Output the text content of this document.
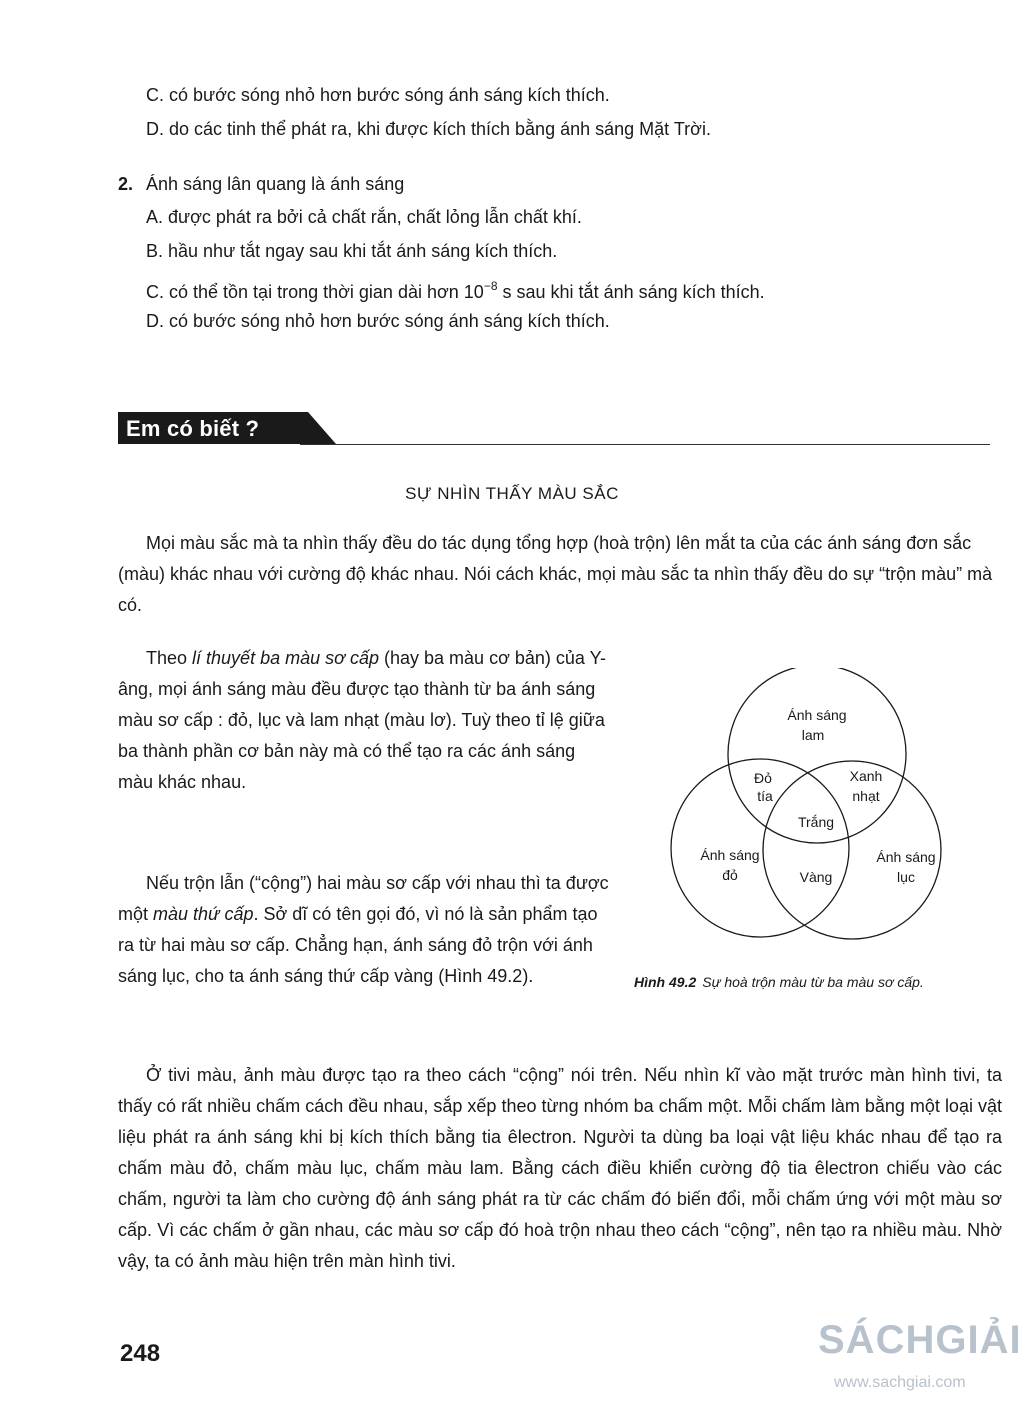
C. có bước sóng nhỏ hơn bước sóng ánh sáng kích thích.
D. do các tinh thể phát ra, khi được kích thích bằng ánh sáng Mặt Trời.
2. Ánh sáng lân quang là ánh sáng
A. được phát ra bởi cả chất rắn, chất lỏng lẫn chất khí.
B. hầu như tắt ngay sau khi tắt ánh sáng kích thích.
C. có thể tồn tại trong thời gian dài hơn $10^{-8}$ s sau khi tắt ánh sáng kích thích.
D. có bước sóng nhỏ hơn bước sóng ánh sáng kích thích.
Em có biết ?
SỰ NHÌN THẤY MÀU SẮC
Mọi màu sắc mà ta nhìn thấy đều do tác dụng tổng hợp (hoà trộn) lên mắt ta của các ánh sáng đơn sắc (màu) khác nhau với cường độ khác nhau. Nói cách khác, mọi màu sắc ta nhìn thấy đều do sự “trộn màu” mà có.
Theo lí thuyết ba màu sơ cấp (hay ba màu cơ bản) của Y-âng, mọi ánh sáng màu đều được tạo thành từ ba ánh sáng màu sơ cấp : đỏ, lục và lam nhạt (màu lơ). Tuỳ theo tỉ lệ giữa ba thành phần cơ bản này mà có thể tạo ra các ánh sáng màu khác nhau.
Nếu trộn lẫn (“cộng”) hai màu sơ cấp với nhau thì ta được một màu thứ cấp. Sở dĩ có tên gọi đó, vì nó là sản phẩm tạo ra từ hai màu sơ cấp. Chẳng hạn, ánh sáng đỏ trộn với ánh sáng lục, cho ta ánh sáng thứ cấp vàng (Hình 49.2).
Ánh sáng
lam
Đỏ
tía
Xanh
nhạt
Trắng
Ánh sáng
đỏ	Vàng
Ánh sáng
lục
Hình 49.2 Sự hoà trộn màu từ ba màu sơ cấp.
Ở tivi màu, ảnh màu được tạo ra theo cách “cộng” nói trên. Nếu nhìn kĩ vào mặt trước màn hình tivi, ta thấy có rất nhiều chấm cách đều nhau, sắp xếp theo từng nhóm ba chấm một. Mỗi chấm làm bằng một loại vật liệu phát ra ánh sáng khi bị kích thích bằng tia êlectron. Người ta dùng ba loại vật liệu khác nhau để tạo ra chấm màu đỏ, chấm màu lục, chấm màu lam. Bằng cách điều khiển cường độ tia êlectron chiếu vào các chấm, người ta làm cho cường độ ánh sáng phát ra từ các chấm đó biến đổi, mỗi chấm ứng với một màu sơ cấp. Vì các chấm ở gần nhau, các màu sơ cấp đó hoà trộn nhau theo cách “cộng”, nên tạo ra nhiều màu. Nhờ vậy, ta có ảnh màu hiện trên màn hình tivi.
248	SÁCHGIẢI
www.sachgiai.com
